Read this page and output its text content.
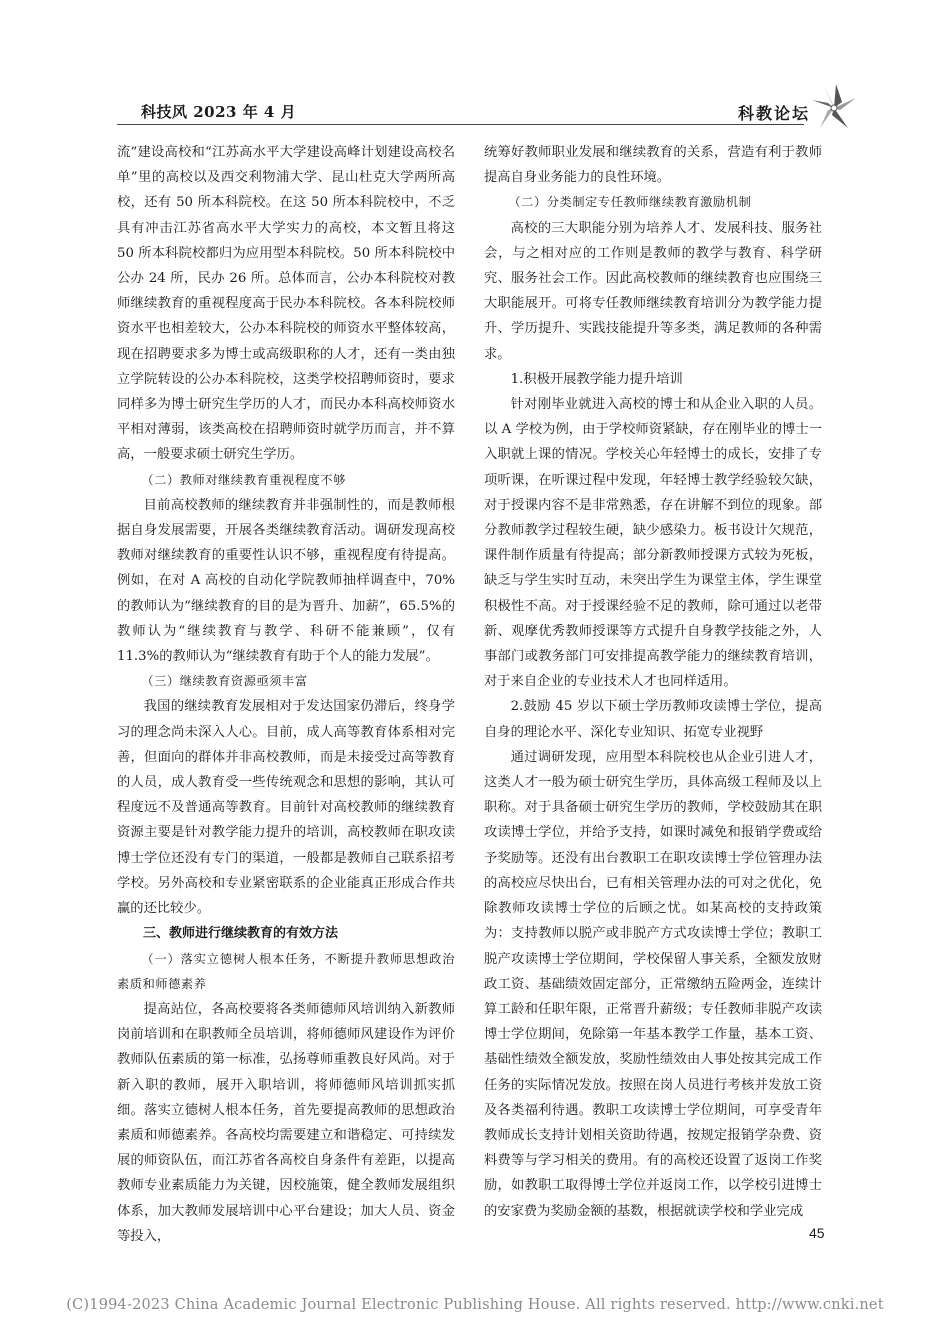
科技风 2023 年 4 月	科教论坛

流”建设高校和“江苏高水平大学建设高峰计划建设高校名单”里的高校以及西交利物浦大学、昆山杜克大学两所高校，还有 50 所本科院校。在这 50 所本科院校中，不乏具有冲击江苏省高水平大学实力的高校，本文暂且将这 50 所本科院校都归为应用型本科院校。50 所本科院校中公办 24 所，民办 26 所。总体而言，公办本科院校对教师继续教育的重视程度高于民办本科院校。各本科院校师资水平也相差较大，公办本科院校的师资水平整体较高，现在招聘要求多为博士或高级职称的人才，还有一类由独立学院转设的公办本科院校，这类学校招聘师资时，要求同样多为博士研究生学历的人才，而民办本科高校师资水平相对薄弱，该类高校在招聘师资时就学历而言，并不算高，一般要求硕士研究生学历。

（二）教师对继续教育重视程度不够

目前高校教师的继续教育并非强制性的，而是教师根据自身发展需要，开展各类继续教育活动。调研发现高校教师对继续教育的重要性认识不够，重视程度有待提高。例如，在对 A 高校的自动化学院教师抽样调查中，70%的教师认为“继续教育的目的是为晋升、加薪”，65.5%的教师认为“继续教育与教学、科研不能兼顾”，仅有 11.3%的教师认为“继续教育有助于个人的能力发展”。

（三）继续教育资源亟须丰富

我国的继续教育发展相对于发达国家仍滞后，终身学习的理念尚未深入人心。目前，成人高等教育体系相对完善，但面向的群体并非高校教师，而是未接受过高等教育的人员，成人教育受一些传统观念和思想的影响，其认可程度远不及普通高等教育。目前针对高校教师的继续教育资源主要是针对教学能力提升的培训，高校教师在职攻读博士学位还没有专门的渠道，一般都是教师自己联系招考学校。另外高校和专业紧密联系的企业能真正形成合作共赢的还比较少。

三、教师进行继续教育的有效方法

（一）落实立德树人根本任务，不断提升教师思想政治素质和师德素养

提高站位，各高校要将各类师德师风培训纳入新教师岗前培训和在职教师全员培训，将师德师风建设作为评价教师队伍素质的第一标准，弘扬尊师重教良好风尚。对于新入职的教师，展开入职培训，将师德师风培训抓实抓细。落实立德树人根本任务，首先要提高教师的思想政治素质和师德素养。各高校均需要建立和谐稳定、可持续发展的师资队伍，而江苏省各高校自身条件有差距，以提高教师专业素质能力为关键，因校施策，健全教师发展组织体系，加大教师发展培训中心平台建设；加大人员、资金等投入，

统筹好教师职业发展和继续教育的关系，营造有利于教师提高自身业务能力的良性环境。

（二）分类制定专任教师继续教育激励机制

高校的三大职能分别为培养人才、发展科技、服务社会，与之相对应的工作则是教师的教学与教育、科学研究、服务社会工作。因此高校教师的继续教育也应围绕三大职能展开。可将专任教师继续教育培训分为教学能力提升、学历提升、实践技能提升等多类，满足教师的各种需求。

1.积极开展教学能力提升培训

针对刚毕业就进入高校的博士和从企业入职的人员。以 A 学校为例，由于学校师资紧缺，存在刚毕业的博士一入职就上课的情况。学校关心年轻博士的成长，安排了专项听课，在听课过程中发现，年轻博士教学经验较欠缺，对于授课内容不是非常熟悉，存在讲解不到位的现象。部分教师教学过程较生硬，缺少感染力。板书设计欠规范，课件制作质量有待提高；部分新教师授课方式较为死板，缺乏与学生实时互动，未突出学生为课堂主体，学生课堂积极性不高。对于授课经验不足的教师，除可通过以老带新、观摩优秀教师授课等方式提升自身教学技能之外，人事部门或教务部门可安排提高教学能力的继续教育培训，对于来自企业的专业技术人才也同样适用。

2.鼓励 45 岁以下硕士学历教师攻读博士学位，提高自身的理论水平、深化专业知识、拓宽专业视野

通过调研发现，应用型本科院校也从企业引进人才，这类人才一般为硕士研究生学历，具体高级工程师及以上职称。对于具备硕士研究生学历的教师，学校鼓励其在职攻读博士学位，并给予支持，如课时减免和报销学费或给予奖励等。还没有出台教职工在职攻读博士学位管理办法的高校应尽快出台，已有相关管理办法的可对之优化，免除教师攻读博士学位的后顾之忧。如某高校的支持政策为：支持教师以脱产或非脱产方式攻读博士学位；教职工脱产攻读博士学位期间，学校保留人事关系，全额发放财政工资、基础绩效固定部分，正常缴纳五险两金，连续计算工龄和任职年限，正常晋升薪级；专任教师非脱产攻读博士学位期间，免除第一年基本教学工作量，基本工资、基础性绩效全额发放，奖励性绩效由人事处按其完成工作任务的实际情况发放。按照在岗人员进行考核并发放工资及各类福利待遇。教职工攻读博士学位期间，可享受青年教师成长支持计划相关资助待遇，按规定报销学杂费、资料费等与学习相关的费用。有的高校还设置了返岗工作奖励，如教职工取得博士学位并返岗工作，以学校引进博士的安家费为奖励金额的基数，根据就读学校和学业完成

45
(C)1994-2023 China Academic Journal Electronic Publishing House. All rights reserved. http://www.cnki.net
